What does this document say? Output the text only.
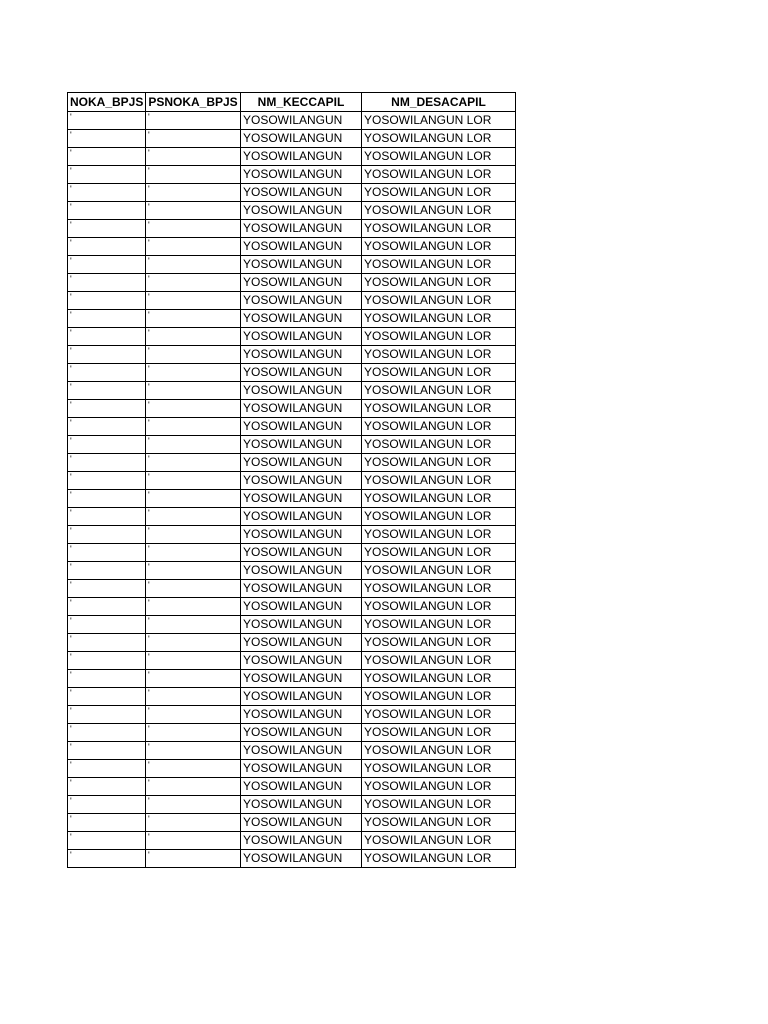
NOKA_BPJS	PSNOKA_BPJS	NM_KECCAPIL	NM_DESACAPIL
'	'	YOSOWILANGUN	YOSOWILANGUN LOR
'	'	YOSOWILANGUN	YOSOWILANGUN LOR
'	'	YOSOWILANGUN	YOSOWILANGUN LOR
'	'	YOSOWILANGUN	YOSOWILANGUN LOR
'	'	YOSOWILANGUN	YOSOWILANGUN LOR
'	'	YOSOWILANGUN	YOSOWILANGUN LOR
'	'	YOSOWILANGUN	YOSOWILANGUN LOR
'	'	YOSOWILANGUN	YOSOWILANGUN LOR
'	'	YOSOWILANGUN	YOSOWILANGUN LOR
'	'	YOSOWILANGUN	YOSOWILANGUN LOR
'	'	YOSOWILANGUN	YOSOWILANGUN LOR
'	'	YOSOWILANGUN	YOSOWILANGUN LOR
'	'	YOSOWILANGUN	YOSOWILANGUN LOR
'	'	YOSOWILANGUN	YOSOWILANGUN LOR
'	'	YOSOWILANGUN	YOSOWILANGUN LOR
'	'	YOSOWILANGUN	YOSOWILANGUN LOR
'	'	YOSOWILANGUN	YOSOWILANGUN LOR
'	'	YOSOWILANGUN	YOSOWILANGUN LOR
'	'	YOSOWILANGUN	YOSOWILANGUN LOR
'	'	YOSOWILANGUN	YOSOWILANGUN LOR
'	'	YOSOWILANGUN	YOSOWILANGUN LOR
'	'	YOSOWILANGUN	YOSOWILANGUN LOR
'	'	YOSOWILANGUN	YOSOWILANGUN LOR
'	'	YOSOWILANGUN	YOSOWILANGUN LOR
'	'	YOSOWILANGUN	YOSOWILANGUN LOR
'	'	YOSOWILANGUN	YOSOWILANGUN LOR
'	'	YOSOWILANGUN	YOSOWILANGUN LOR
'	'	YOSOWILANGUN	YOSOWILANGUN LOR
'	'	YOSOWILANGUN	YOSOWILANGUN LOR
'	'	YOSOWILANGUN	YOSOWILANGUN LOR
'	'	YOSOWILANGUN	YOSOWILANGUN LOR
'	'	YOSOWILANGUN	YOSOWILANGUN LOR
'	'	YOSOWILANGUN	YOSOWILANGUN LOR
'	'	YOSOWILANGUN	YOSOWILANGUN LOR
'	'	YOSOWILANGUN	YOSOWILANGUN LOR
'	'	YOSOWILANGUN	YOSOWILANGUN LOR
'	'	YOSOWILANGUN	YOSOWILANGUN LOR
'	'	YOSOWILANGUN	YOSOWILANGUN LOR
'	'	YOSOWILANGUN	YOSOWILANGUN LOR
'	'	YOSOWILANGUN	YOSOWILANGUN LOR
'	'	YOSOWILANGUN	YOSOWILANGUN LOR
'	'	YOSOWILANGUN	YOSOWILANGUN LOR
